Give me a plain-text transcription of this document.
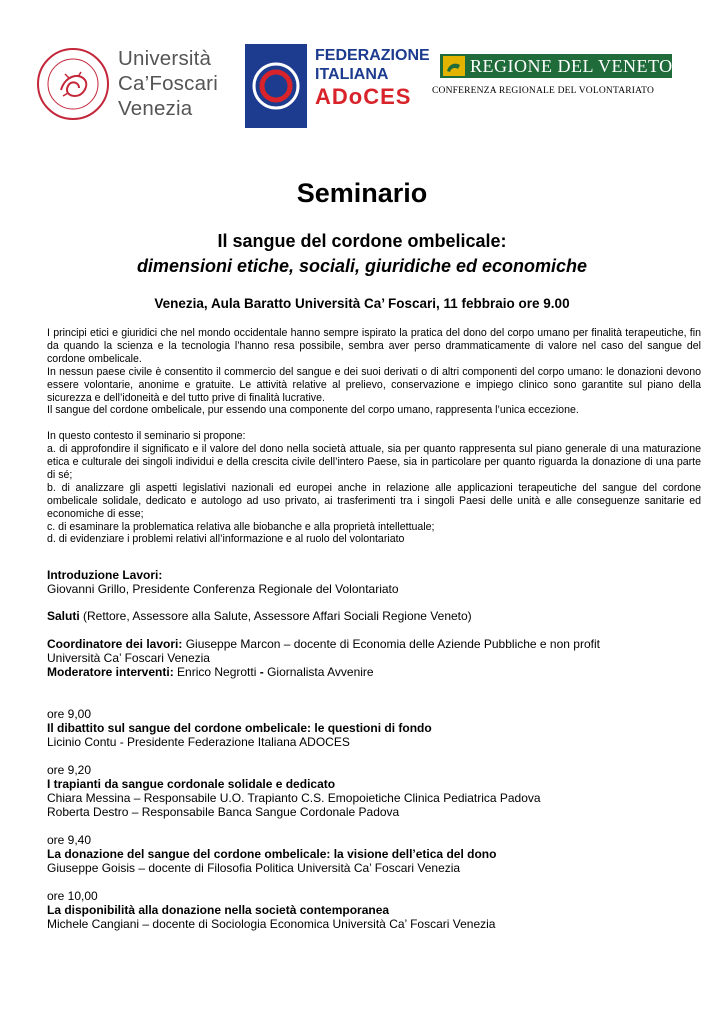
Università
Ca’Foscari
Venezia
FEDERAZIONE
ITALIANA
ADoCES
REGIONE DEL VENETO
CONFERENZA REGIONALE DEL VOLONTARIATO
Seminario
Il sangue del cordone ombelicale:
dimensioni etiche, sociali, giuridiche ed economiche
Venezia, Aula Baratto Università Ca’ Foscari, 11 febbraio ore 9.00

I principi etici e giuridici che nel mondo occidentale hanno sempre ispirato la pratica del dono del corpo umano per finalità terapeutiche, fin da quando la scienza e la tecnologia l’hanno resa possibile, sembra aver perso drammaticamente di valore nel caso del sangue del cordone ombelicale.

In nessun paese civile è consentito il commercio del sangue e dei suoi derivati o di altri componenti del corpo umano: le donazioni devono essere volontarie, anonime e gratuite. Le attività relative al prelievo, conservazione e impiego clinico sono garantite sul piano della sicurezza e dell’idoneità e del tutto prive di finalità lucrative.

Il sangue del cordone ombelicale, pur essendo una componente del corpo umano, rappresenta l’unica eccezione.

In questo contesto il seminario si propone:

a. di approfondire il significato e il valore del dono nella società attuale, sia per quanto rappresenta sul piano generale di una maturazione etica e culturale dei singoli individui e della crescita civile dell’intero Paese, sia in particolare per quanto riguarda la donazione di una parte di sé;

b. di analizzare gli aspetti legislativi nazionali ed europei anche in relazione alle applicazioni terapeutiche del sangue del cordone ombelicale solidale, dedicato e autologo ad uso privato, ai trasferimenti tra i singoli Paesi delle unità e alle conseguenze sanitarie ed economiche di esse;

c. di esaminare la problematica relativa alle biobanche e alla proprietà intellettuale;

d. di evidenziare i problemi relativi all’informazione e al ruolo del volontariato

Introduzione Lavori:
Giovanni Grillo, Presidente Conferenza Regionale del Volontariato
Saluti (Rettore, Assessore alla Salute, Assessore Affari Sociali Regione Veneto)
Coordinatore dei lavori: Giuseppe Marcon – docente di Economia delle Aziende Pubbliche e non profit
Università Ca’ Foscari Venezia
Moderatore interventi: Enrico Negrotti - Giornalista Avvenire
ore 9,00
Il dibattito sul sangue del cordone ombelicale: le questioni di fondo
Licinio Contu - Presidente Federazione Italiana ADOCES
ore 9,20
I trapianti da sangue cordonale solidale e dedicato
Chiara Messina – Responsabile U.O. Trapianto C.S. Emopoietiche Clinica Pediatrica Padova
Roberta Destro – Responsabile Banca Sangue Cordonale Padova
ore 9,40
La donazione del sangue del cordone ombelicale: la visione dell’etica del dono
Giuseppe Goisis – docente di Filosofia Politica Università Ca’ Foscari Venezia
ore 10,00
La disponibilità alla donazione nella società contemporanea
Michele Cangiani – docente di Sociologia Economica Università Ca’ Foscari Venezia
